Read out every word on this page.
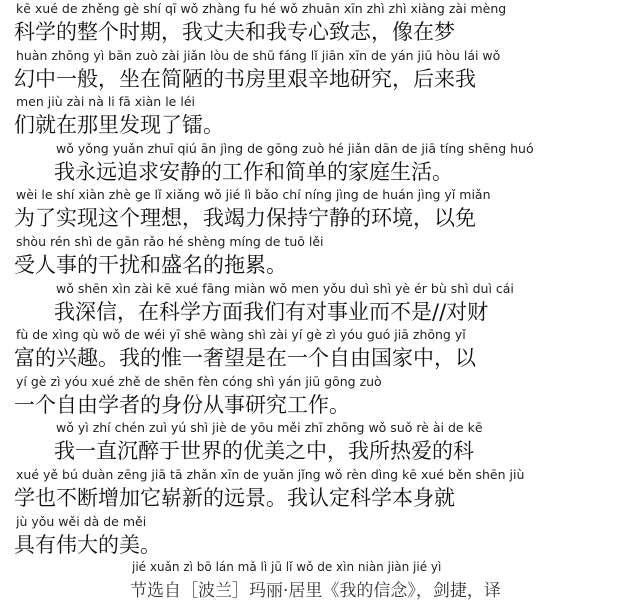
kē xué de zhěng gè shí qī wǒ zhàng fu hé wǒ zhuān xīn zhì zhì xiàng zài mèng
科学的整个时期，我丈夫和我专心致志，像在梦
huàn zhōng yì bān zuò zài jiǎn lòu de shū fáng lǐ jiān xīn de yán jiū hòu lái wǒ
幻中一般，坐在简陋的书房里艰辛地研究，后来我
men jiù zài nà li fā xiàn le léi
们就在那里发现了镭。
wǒ yǒng yuǎn zhuī qiú ān jìng de gōng zuò hé jiǎn dān de jiā tíng shēng huó
我永远追求安静的工作和简单的家庭生活。
wèi le shí xiàn zhè ge lǐ xiǎng wǒ jié lì bǎo chí níng jìng de huán jìng yǐ miǎn
为了实现这个理想，我竭力保持宁静的环境，以免
shòu rén shì de gān rǎo hé shèng míng de tuō lěi
受人事的干扰和盛名的拖累。
wǒ shēn xìn zài kē xué fāng miàn wǒ men yǒu duì shì yè ér bù shì duì cái
我深信，在科学方面我们有对事业而不是//对财
fù de xìng qù wǒ de wéi yī shē wàng shì zài yí gè zì yóu guó jiā zhōng yǐ
富的兴趣。我的惟一奢望是在一个自由国家中，以
yí gè zì yóu xué zhě de shēn fèn cóng shì yán jiū gōng zuò
一个自由学者的身份从事研究工作。
wǒ yì zhí chén zuì yú shì jiè de yōu měi zhī zhōng wǒ suǒ rè ài de kē
我一直沉醉于世界的优美之中，我所热爱的科
xué yě bú duàn zēng jiā tā zhǎn xīn de yuǎn jǐng wǒ rèn dìng kē xué běn shēn jiù
学也不断增加它崭新的远景。我认定科学本身就
jù yǒu wěi dà de měi
具有伟大的美。
jié xuǎn zì bō lán mǎ lì jū lǐ wǒ de xìn niàn jiàn jié yì
节选自［波兰］玛丽·居里《我的信念》，剑捷，译
